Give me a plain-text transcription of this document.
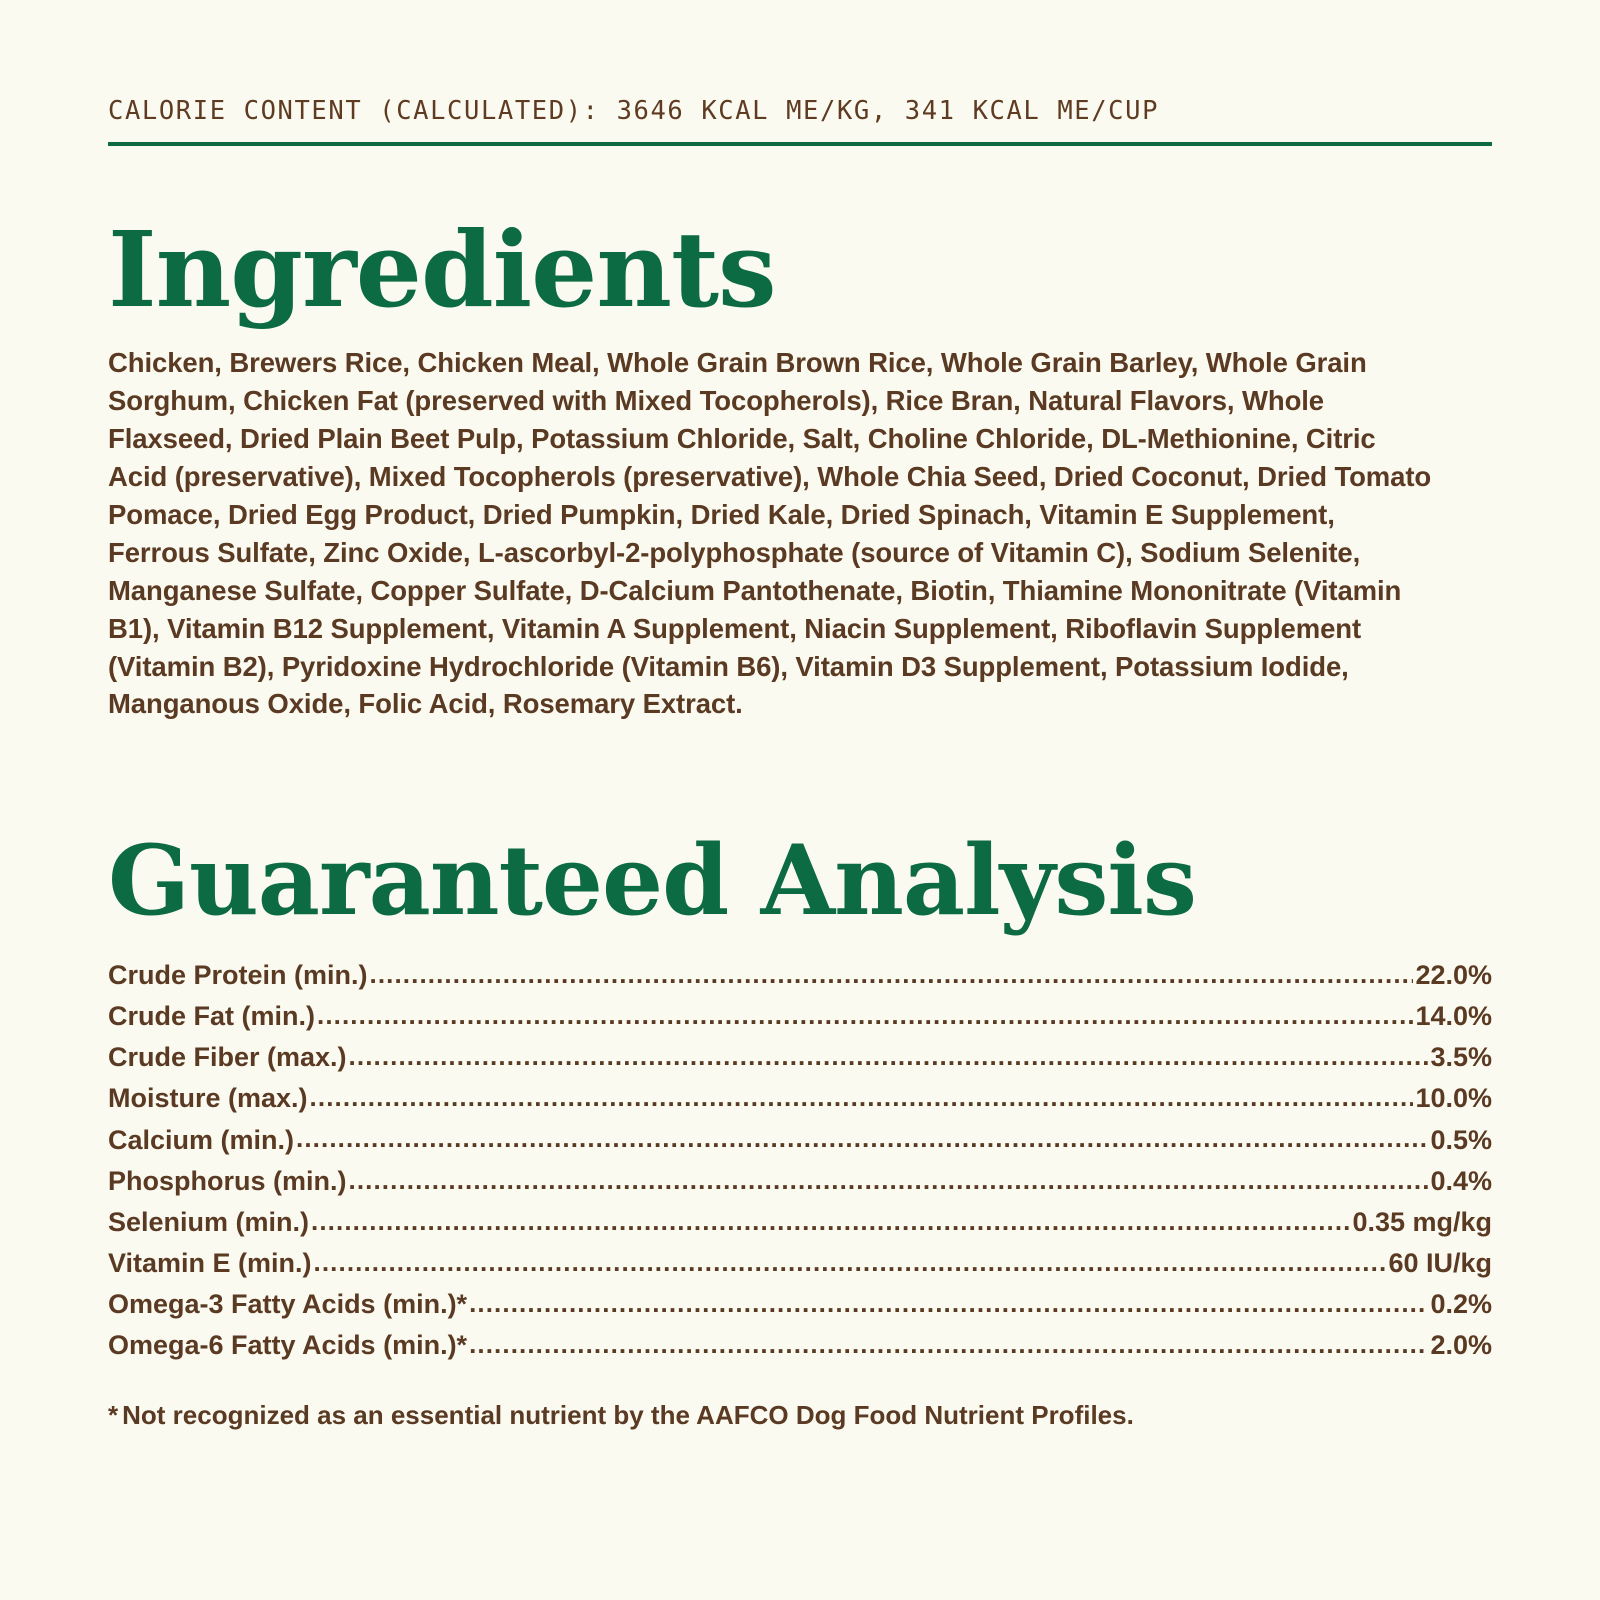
CALORIE CONTENT (CALCULATED): 3646 KCAL ME/KG, 341 KCAL ME/CUP
Ingredients
Chicken, Brewers Rice, Chicken Meal, Whole Grain Brown Rice, Whole Grain Barley, Whole Grain Sorghum, Chicken Fat (preserved with Mixed Tocopherols), Rice Bran, Natural Flavors, Whole Flaxseed, Dried Plain Beet Pulp, Potassium Chloride, Salt, Choline Chloride, DL-Methionine, Citric Acid (preservative), Mixed Tocopherols (preservative), Whole Chia Seed, Dried Coconut, Dried Tomato Pomace, Dried Egg Product, Dried Pumpkin, Dried Kale, Dried Spinach, Vitamin E Supplement, Ferrous Sulfate, Zinc Oxide, L-ascorbyl-2-polyphosphate (source of Vitamin C), Sodium Selenite, Manganese Sulfate, Copper Sulfate, D-Calcium Pantothenate, Biotin, Thiamine Mononitrate (Vitamin B1), Vitamin B12 Supplement, Vitamin A Supplement, Niacin Supplement, Riboflavin Supplement (Vitamin B2), Pyridoxine Hydrochloride (Vitamin B6), Vitamin D3 Supplement, Potassium Iodide, Manganous Oxide, Folic Acid, Rosemary Extract.
Guaranteed Analysis
Crude Protein (min.) .....	22.0%
Crude Fat (min.) .....	14.0%
Crude Fiber (max.) .....	3.5%
Moisture (max.) .....	10.0%
Calcium (min.) .....	0.5%
Phosphorus (min.) .....	0.4%
Selenium (min.) .....	0.35 mg/kg
Vitamin E (min.) .....	60 IU/kg
Omega-3 Fatty Acids (min.)* .....	0.2%
Omega-6 Fatty Acids (min.)* .....	2.0%
* Not recognized as an essential nutrient by the AAFCO Dog Food Nutrient Profiles.
